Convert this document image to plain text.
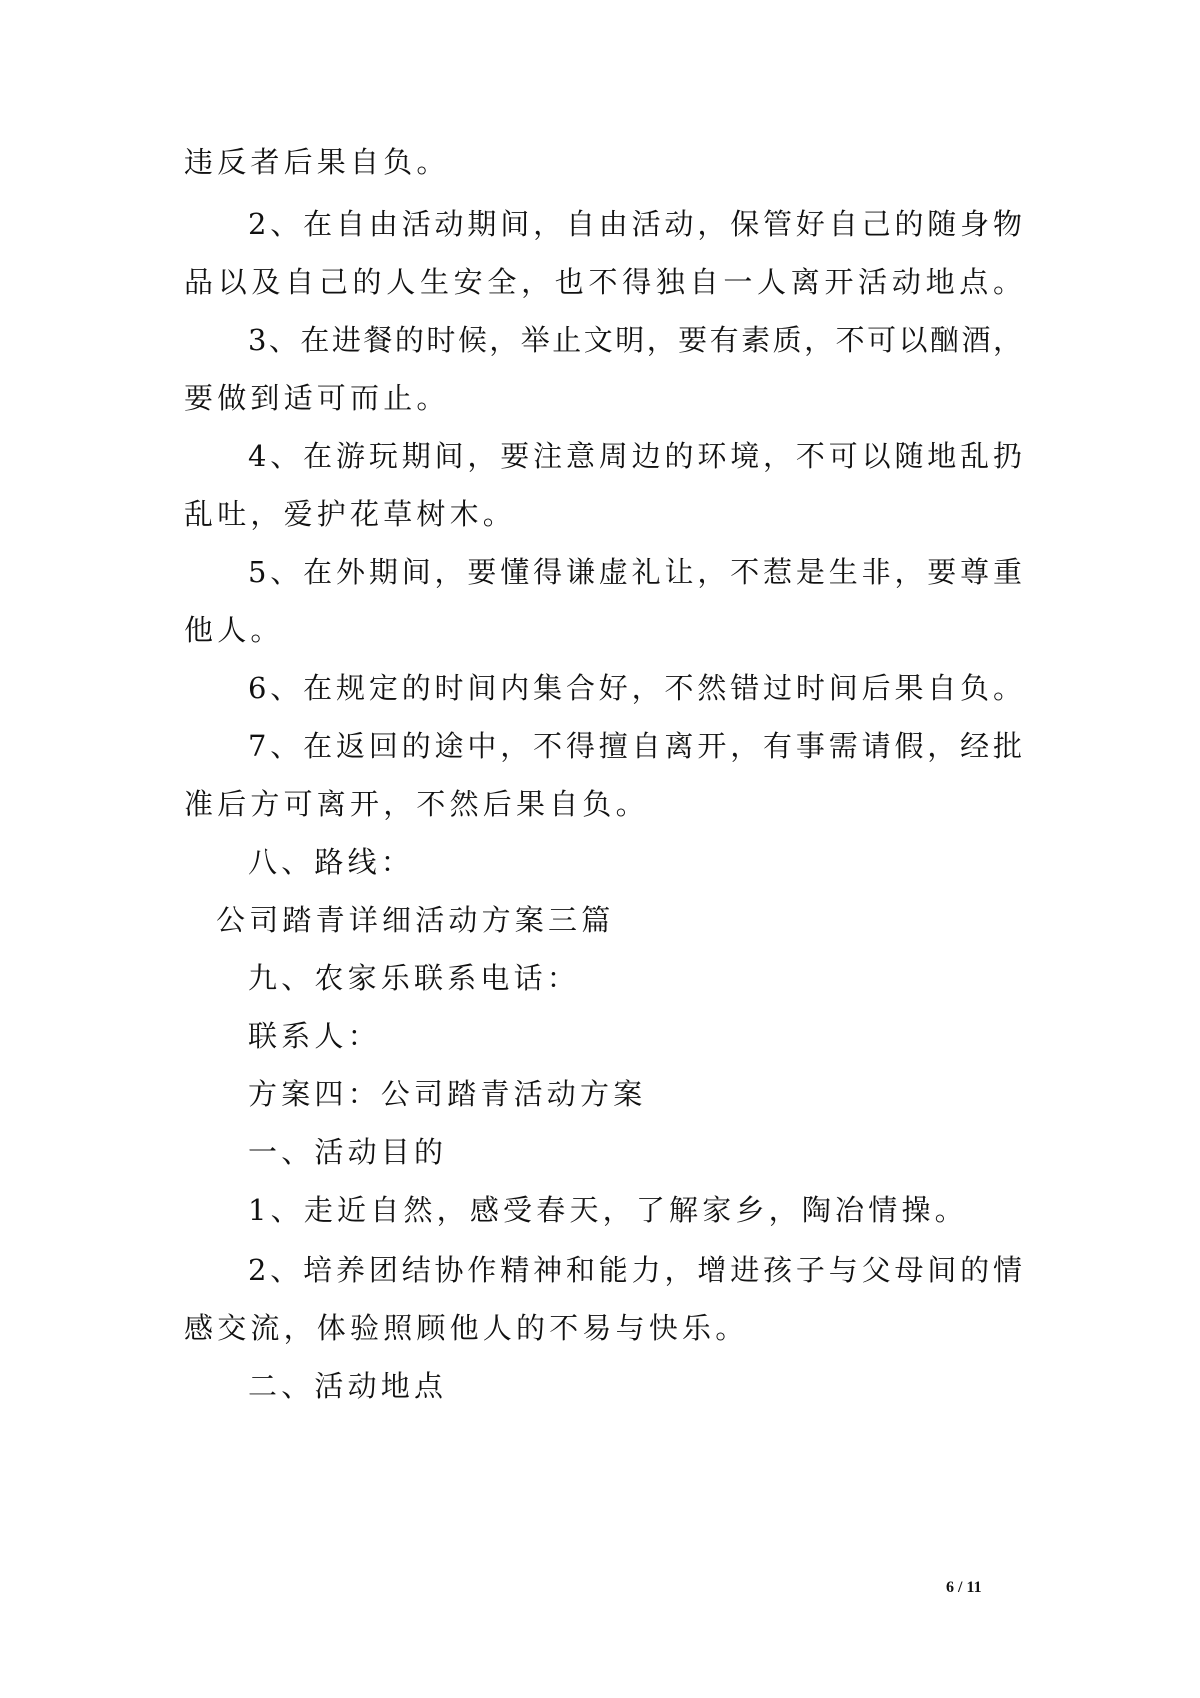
违反者后果自负。
2、在自由活动期间，自由活动，保管好自己的随身物
品以及自己的人生安全，也不得独自一人离开活动地点。
3、在进餐的时候，举止文明，要有素质，不可以酗酒，
要做到适可而止。
4、在游玩期间，要注意周边的环境，不可以随地乱扔
乱吐，爱护花草树木。
5、在外期间，要懂得谦虚礼让，不惹是生非，要尊重
他人。
6、在规定的时间内集合好，不然错过时间后果自负。
7、在返回的途中，不得擅自离开，有事需请假，经批
准后方可离开，不然后果自负。
八、路线：
公司踏青详细活动方案三篇
九、农家乐联系电话：
联系人：
方案四：公司踏青活动方案
一、活动目的
1、走近自然，感受春天，了解家乡，陶冶情操。
2、培养团结协作精神和能力，增进孩子与父母间的情
感交流，体验照顾他人的不易与快乐。
二、活动地点
6 / 11
